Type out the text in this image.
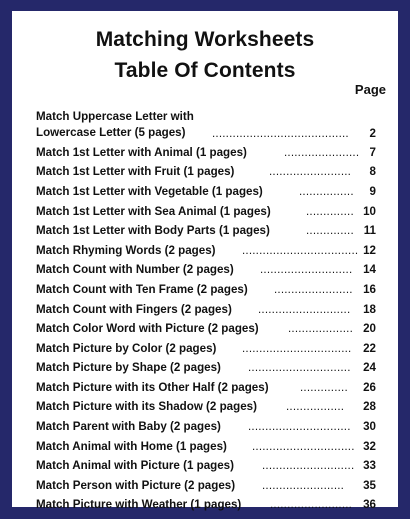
Matching Worksheets
Table Of Contents
Page
Match Uppercase Letter with
Lowercase Letter (5 pages)	........................................ 2
Match 1st Letter with Animal (1 pages)	...................... 7
Match 1st Letter with Fruit (1 pages)	........................ 8
Match 1st Letter with Vegetable (1 pages)	................ 9
Match 1st Letter with Sea Animal (1 pages)	.............. 10
Match 1st Letter with Body Parts (1 pages)	.............. 11
Match Rhyming Words (2 pages) .................................. 12
Match Count with Number (2 pages) ........................... 14
Match Count with Ten Frame (2 pages) ....................... 16
Match Count with Fingers (2 pages) ........................... 18
Match Color Word with Picture (2 pages)	................... 20
Match Picture by Color (2 pages) ................................ 22
Match Picture by Shape (2 pages) .............................. 24
Match Picture with its Other Half (2 pages)	.............. 26
Match Picture with its Shadow (2 pages)	................. 28
Match Parent with Baby (2 pages) .............................. 30
Match Animal with Home (1 pages) .............................. 32
Match Animal with Picture (1 pages) ........................... 33
Match Person with Picture (2 pages) ........................ 35
Match Picture with Weather (1 pages) ........................ 36
